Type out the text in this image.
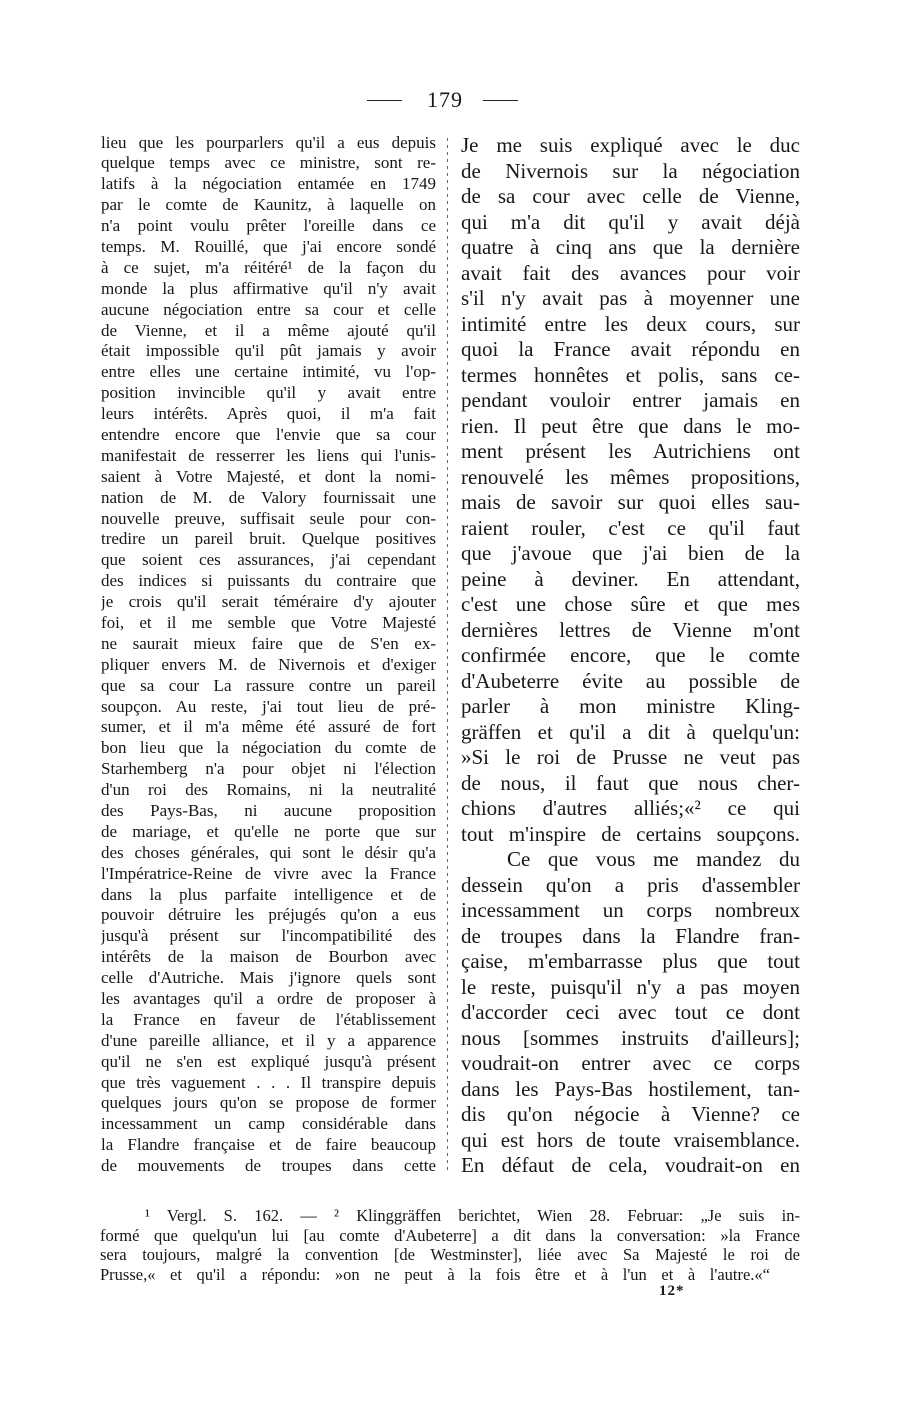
179
lieu que les pourparlers qu'il a eus depuis
quelque temps avec ce ministre, sont re-
latifs à la négociation entamée en 1749
par le comte de Kaunitz, à laquelle on
n'a point voulu prêter l'oreille dans ce
temps. M. Rouillé, que j'ai encore sondé
à ce sujet, m'a réitéré¹ de la façon du
monde la plus affirmative qu'il n'y avait
aucune négociation entre sa cour et celle
de Vienne, et il a même ajouté qu'il
était impossible qu'il pût jamais y avoir
entre elles une certaine intimité, vu l'op-
position invincible qu'il y avait entre
leurs intérêts. Après quoi, il m'a fait
entendre encore que l'envie que sa cour
manifestait de resserrer les liens qui l'unis-
saient à Votre Majesté, et dont la nomi-
nation de M. de Valory fournissait une
nouvelle preuve, suffisait seule pour con-
tredire un pareil bruit. Quelque positives
que soient ces assurances, j'ai cependant
des indices si puissants du contraire que
je crois qu'il serait téméraire d'y ajouter
foi, et il me semble que Votre Majesté
ne saurait mieux faire que de S'en ex-
pliquer envers M. de Nivernois et d'exiger
que sa cour La rassure contre un pareil
soupçon. Au reste, j'ai tout lieu de pré-
sumer, et il m'a même été assuré de fort
bon lieu que la négociation du comte de
Starhemberg n'a pour objet ni l'élection
d'un roi des Romains, ni la neutralité
des Pays-Bas, ni aucune proposition
de mariage, et qu'elle ne porte que sur
des choses générales, qui sont le désir qu'a
l'Impératrice-Reine de vivre avec la France
dans la plus parfaite intelligence et de
pouvoir détruire les préjugés qu'on a eus
jusqu'à présent sur l'incompatibilité des
intérêts de la maison de Bourbon avec
celle d'Autriche. Mais j'ignore quels sont
les avantages qu'il a ordre de proposer à
la France en faveur de l'établissement
d'une pareille alliance, et il y a apparence
qu'il ne s'en est expliqué jusqu'à présent
que très vaguement . . . Il transpire depuis
quelques jours qu'on se propose de former
incessamment un camp considérable dans
la Flandre française et de faire beaucoup
de mouvements de troupes dans cette
Je me suis expliqué avec le duc
de Nivernois sur la négociation
de sa cour avec celle de Vienne,
qui m'a dit qu'il y avait déjà
quatre à cinq ans que la dernière
avait fait des avances pour voir
s'il n'y avait pas à moyenner une
intimité entre les deux cours, sur
quoi la France avait répondu en
termes honnêtes et polis, sans ce-
pendant vouloir entrer jamais en
rien. Il peut être que dans le mo-
ment présent les Autrichiens ont
renouvelé les mêmes propositions,
mais de savoir sur quoi elles sau-
raient rouler, c'est ce qu'il faut
que j'avoue que j'ai bien de la
peine à deviner. En attendant,
c'est une chose sûre et que mes
dernières lettres de Vienne m'ont
confirmée encore, que le comte
d'Aubeterre évite au possible de
parler à mon ministre Kling-
gräffen et qu'il a dit à quelqu'un:
»Si le roi de Prusse ne veut pas
de nous, il faut que nous cher-
chions d'autres alliés;«² ce qui
tout m'inspire de certains soupçons.
Ce que vous me mandez du
dessein qu'on a pris d'assembler
incessamment un corps nombreux
de troupes dans la Flandre fran-
çaise, m'embarrasse plus que tout
le reste, puisqu'il n'y a pas moyen
d'accorder ceci avec tout ce dont
nous [sommes instruits d'ailleurs];
voudrait-on entrer avec ce corps
dans les Pays-Bas hostilement, tan-
dis qu'on négocie à Vienne? ce
qui est hors de toute vraisemblance.
En défaut de cela, voudrait-on en
¹ Vergl. S. 162. — ² Klinggräffen berichtet, Wien 28. Februar: „Je suis in-
formé que quelqu'un lui [au comte d'Aubeterre] a dit dans la conversation: »la France
sera toujours, malgré la convention [de Westminster], liée avec Sa Majesté le roi de
Prusse,« et qu'il a répondu: »on ne peut à la fois être et à l'un et à l'autre.«“
12*
